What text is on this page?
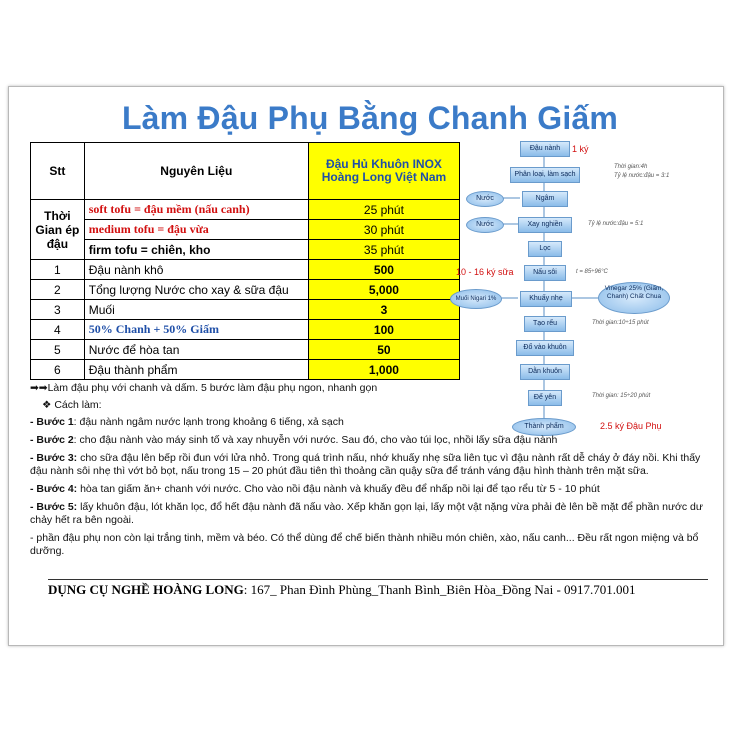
Làm Đậu Phụ Bằng Chanh Giấm
Stt	Nguyên Liệu	Đậu Hủ Khuôn INOX Hoàng Long Việt Nam
Thời Gian ép đậu	soft tofu = đậu mềm (nấu canh)	25 phút
	medium tofu = đậu vừa	30 phút
	firm tofu = chiên, kho	35 phút
1	Đậu nành khô	500
2	Tổng lượng Nước cho xay & sữa đậu	5,000
3	Muối	3
4	50% Chanh + 50% Giấm	100
5	Nước để hòa tan	50
6	Đậu thành phẩm	1,000
Đậu nành
Phân loại, làm sạch
Ngâm
Xay nghiền
Lọc
Nấu sôi
Khuấy nhẹ
Tạo rểu
Đổ vào khuôn
Dằn khuôn
Để yên
Thành phẩm
Nước
Nước
Muối Nigari 1%
Vinegar 25% (Giấm, Chanh) Chất Chua
Thời gian:4h
Tỷ lệ nước:đậu = 3:1
Tỷ lệ nước:đậu = 5:1
t = 85÷96°C
Thời gian:10÷15 phút
Thời gian: 15÷20 phút
1 ký
10 - 16 ký sữa
2.5 ký Đậu Phụ

➡➡Làm đậu phụ với chanh và dấm. 5 bước làm đậu phụ ngon, nhanh gọn

❖ Cách làm:

- Bước 1: đậu nành ngâm nước lạnh trong khoảng 6 tiếng, xả sạch

- Bước 2: cho đậu nành vào máy sinh tố và xay nhuyễn với nước. Sau đó, cho vào túi lọc, nhồi lấy sữa đậu nành

- Bước 3: cho sữa đậu lên bếp rồi đun với lửa nhỏ. Trong quá trình nấu, nhớ khuấy nhẹ sữa liên tục vì đậu nành rất dễ cháy ở đáy nồi. Khi thấy đậu nành sôi nhẹ thì vớt bỏ bọt, nấu trong 15 – 20 phút đầu tiên thì thoảng cần quậy sữa để tránh váng đậu hình thành trên mặt sữa.

- Bước 4: hòa tan giấm ăn+ chanh với nước. Cho vào nồi đậu nành và khuấy đều để nhấp nồi lại để tạo rểu từ 5 - 10 phút

- Bước 5: lấy khuôn đậu, lót khăn lọc, đổ hết đậu nành đã nấu vào. Xếp khăn gọn lại, lấy một vật nặng vừa phải đè lên bề mặt để phần nước dư chảy hết ra bên ngoài.

- phần đậu phụ non còn lại trắng tinh, mềm và béo. Có thể dùng để chế biến thành nhiều món chiên, xào, nấu canh... Đều rất ngon miệng và bổ dưỡng.

DỤNG CỤ NGHỀ HOÀNG LONG: 167_ Phan Đình Phùng_Thanh Bình_Biên Hòa_Đồng Nai - 0917.701.001
